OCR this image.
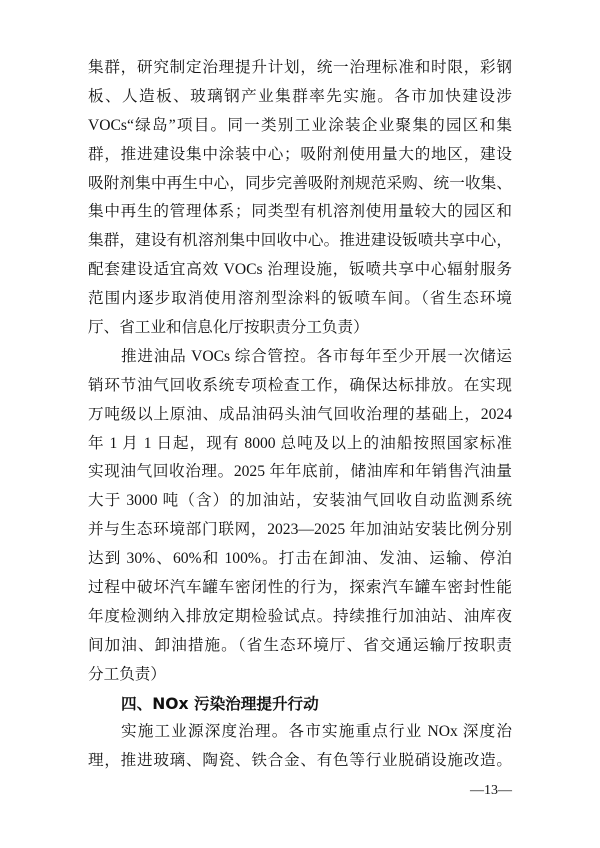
集群，研究制定治理提升计划，统一治理标准和时限，彩钢
板、人造板、玻璃钢产业集群率先实施。各市加快建设涉
VOCs“绿岛”项目。同一类别工业涂装企业聚集的园区和集
群，推进建设集中涂装中心；吸附剂使用量大的地区，建设
吸附剂集中再生中心，同步完善吸附剂规范采购、统一收集、
集中再生的管理体系；同类型有机溶剂使用量较大的园区和
集群，建设有机溶剂集中回收中心。推进建设钣喷共享中心，
配套建设适宜高效 VOCs 治理设施，钣喷共享中心辐射服务
范围内逐步取消使用溶剂型涂料的钣喷车间。（省生态环境
厅、省工业和信息化厅按职责分工负责）
推进油品 VOCs 综合管控。各市每年至少开展一次储运
销环节油气回收系统专项检查工作，确保达标排放。在实现
万吨级以上原油、成品油码头油气回收治理的基础上，2024
年 1 月 1 日起，现有 8000 总吨及以上的油船按照国家标准
实现油气回收治理。2025 年年底前，储油库和年销售汽油量
大于 3000 吨（含）的加油站，安装油气回收自动监测系统
并与生态环境部门联网，2023—2025 年加油站安装比例分别
达到 30%、60%和 100%。打击在卸油、发油、运输、停泊
过程中破坏汽车罐车密闭性的行为，探索汽车罐车密封性能
年度检测纳入排放定期检验试点。持续推行加油站、油库夜
间加油、卸油措施。（省生态环境厅、省交通运输厅按职责
分工负责）
四、NOx 污染治理提升行动
实施工业源深度治理。各市实施重点行业 NOx 深度治
理，推进玻璃、陶瓷、铁合金、有色等行业脱硝设施改造。
—13—
